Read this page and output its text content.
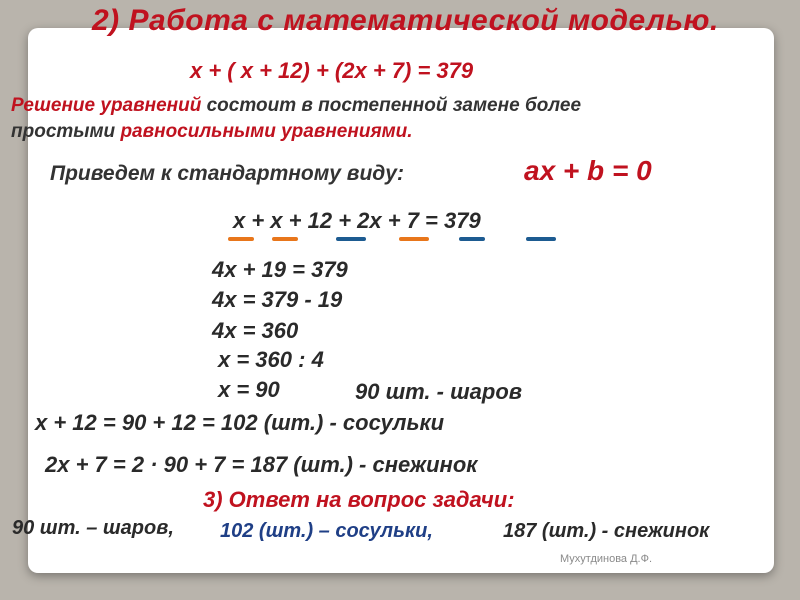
2) Работа с математической моделью.
x + ( x + 12) + (2x + 7) = 379
Решение уравнений состоит в постепенной замене более
простыми равносильными уравнениями.
Приведем к стандартному виду:	ax + b = 0
x + x + 12 + 2x + 7 = 379
4x + 19 = 379
4x = 379 - 19
4x = 360
x = 360 : 4
x = 90	90 шт. - шаров
x + 12 = 90 + 12 = 102 (шт.) - сосульки
2x + 7 = 2 · 90 + 7 = 187 (шт.) - снежинок
3) Ответ на вопрос задачи:
90 шт. – шаров, 102 (шт.) – сосульки,	187 (шт.) - снежинок
Мухутдинова Д.Ф.
